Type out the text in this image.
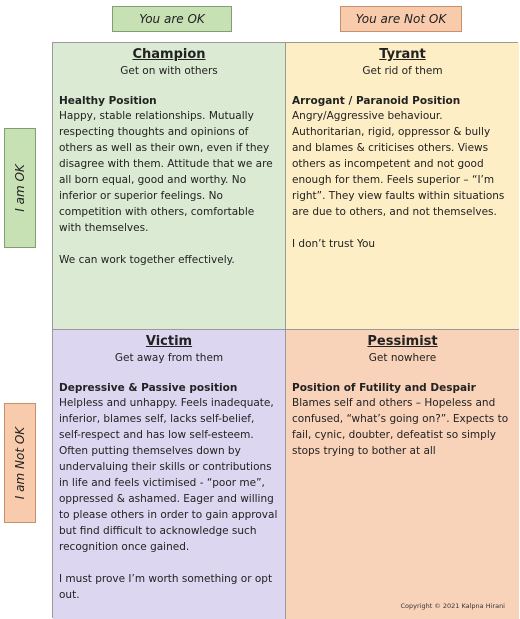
You are OK	You are Not OK
I am OK
I am Not OK
Champion
Get on with others
Healthy Position
Happy, stable relationships. Mutually respecting thoughts and opinions of others as well as their own, even if they disagree with them. Attitude that we are all born equal, good and worthy. No inferior or superior feelings. No competition with others, comfortable with themselves.
We can work together effectively.
Tyrant
Get rid of them
Arrogant / Paranoid Position
Angry/Aggressive behaviour. Authoritarian, rigid, oppressor & bully and blames & criticises others. Views others as incompetent and not good enough for them. Feels superior – “I’m right”. They view faults within situations are due to others, and not themselves.
I don’t trust You
Victim
Get away from them
Depressive & Passive position
Helpless and unhappy. Feels inadequate, inferior, blames self, lacks self-belief, self-respect and has low self-esteem. Often putting themselves down by undervaluing their skills or contributions in life and feels victimised - “poor me”, oppressed & ashamed. Eager and willing to please others in order to gain approval but find difficult to acknowledge such recognition once gained.
I must prove I’m worth something or opt out.
Pessimist
Get nowhere
Position of Futility and Despair
Blames self and others – Hopeless and confused, “what’s going on?”. Expects to fail, cynic, doubter, defeatist so simply stops trying to bother at all
Copyright © 2021 Kalpna Hirani
